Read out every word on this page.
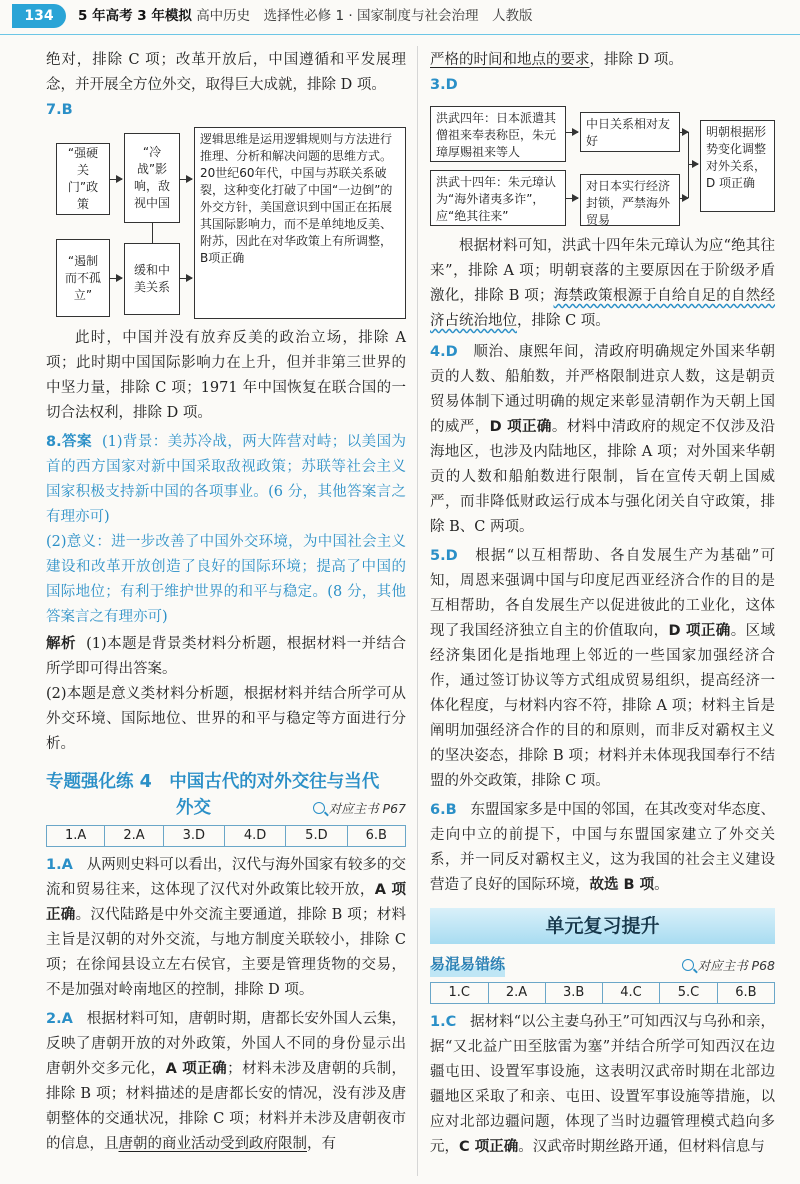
134	5 年高考 3 年模拟 高中历史　选择性必修 1 · 国家制度与社会治理　人教版

绝对，排除 C 项；改革开放后，中国遵循和平发展理念，并开展全方位外交，取得巨大成就，排除 D 项。

7.B
“强硬关门”政策
“冷战”影响，敌视中国
“遏制而不孤立”
缓和中美关系
逻辑思维是运用逻辑规则与方法进行推理、分析和解决问题的思维方式。20世纪60年代，中国与苏联关系破裂，这种变化打破了中国“一边倒”的外交方针，美国意识到中国正在拓展其国际影响力，而不是单纯地反美、附苏，因此在对华政策上有所调整，B项正确

此时，中国并没有放弃反美的政治立场，排除 A 项；此时期中国国际影响力在上升，但并非第三世界的中坚力量，排除 C 项；1971 年中国恢复在联合国的一切合法权利，排除 D 项。

8.答案 (1)背景：美苏冷战，两大阵营对峙；以美国为首的西方国家对新中国采取敌视政策；苏联等社会主义国家积极支持新中国的各项事业。(6 分，其他答案言之有理亦可)

(2)意义：进一步改善了中国外交环境，为中国社会主义建设和改革开放创造了良好的国际环境；提高了中国的国际地位；有利于维护世界的和平与稳定。(8 分，其他答案言之有理亦可)

解析 (1)本题是背景类材料分析题，根据材料一并结合所学即可得出答案。

(2)本题是意义类材料分析题，根据材料并结合所学可从外交环境、国际地位、世界的和平与稳定等方面进行分析。

专题强化练 4　中国古代的对外交往与当代
外交	对应主书 P67
1.A	2.A	3.D	4.D	5.D	6.B

1.A 从两则史料可以看出，汉代与海外国家有较多的交流和贸易往来，这体现了汉代对外政策比较开放，A 项正确。汉代陆路是中外交流主要通道，排除 B 项；材料主旨是汉朝的对外交流，与地方制度关联较小，排除 C 项；在徐闻县设立左右侯官，主要是管理货物的交易，不是加强对岭南地区的控制，排除 D 项。

2.A 根据材料可知，唐朝时期，唐都长安外国人云集，反映了唐朝开放的对外政策，外国人不同的身份显示出唐朝外交多元化，A 项正确；材料未涉及唐朝的兵制，排除 B 项；材料描述的是唐都长安的情况，没有涉及唐朝整体的交通状况，排除 C 项；材料并未涉及唐朝夜市的信息，且唐朝的商业活动受到政府限制，有

严格的时间和地点的要求，排除 D 项。

3.D
洪武四年：日本派遣其僧祖来奉表称臣，朱元璋厚赐祖来等人
中日关系相对友好
洪武十四年：朱元璋认为“海外诸夷多诈”，应“绝其往来”
对日本实行经济封锁，严禁海外贸易
明朝根据形势变化调整对外关系，D 项正确

根据材料可知，洪武十四年朱元璋认为应“绝其往来”，排除 A 项；明朝衰落的主要原因在于阶级矛盾激化，排除 B 项；海禁政策根源于自给自足的自然经济占统治地位，排除 C 项。

4.D 顺治、康熙年间，清政府明确规定外国来华朝贡的人数、船舶数，并严格限制进京人数，这是朝贡贸易体制下通过明确的规定来彰显清朝作为天朝上国的威严，D 项正确。材料中清政府的规定不仅涉及沿海地区，也涉及内陆地区，排除 A 项；对外国来华朝贡的人数和船舶数进行限制，旨在宣传天朝上国威严，而非降低财政运行成本与强化闭关自守政策，排除 B、C 两项。

5.D 根据“以互相帮助、各自发展生产为基础”可知，周恩来强调中国与印度尼西亚经济合作的目的是互相帮助，各自发展生产以促进彼此的工业化，这体现了我国经济独立自主的价值取向，D 项正确。区域经济集团化是指地理上邻近的一些国家加强经济合作，通过签订协议等方式组成贸易组织，提高经济一体化程度，与材料内容不符，排除 A 项；材料主旨是阐明加强经济合作的目的和原则，而非反对霸权主义的坚决姿态，排除 B 项；材料并未体现我国奉行不结盟的外交政策，排除 C 项。

6.B 东盟国家多是中国的邻国，在其改变对华态度、走向中立的前提下，中国与东盟国家建立了外交关系，并一同反对霸权主义，这为我国的社会主义建设营造了良好的国际环境，故选 B 项。

单元复习提升
易混易错练	对应主书 P68
1.C	2.A	3.B	4.C	5.C	6.B

1.C 据材料“以公主妻乌孙王”可知西汉与乌孙和亲，据“又北益广田至胘雷为塞”并结合所学可知西汉在边疆屯田、设置军事设施，这表明汉武帝时期在北部边疆地区采取了和亲、屯田、设置军事设施等措施，以应对北部边疆问题，体现了当时边疆管理模式趋向多元，C 项正确。汉武帝时期丝路开通，但材料信息与
